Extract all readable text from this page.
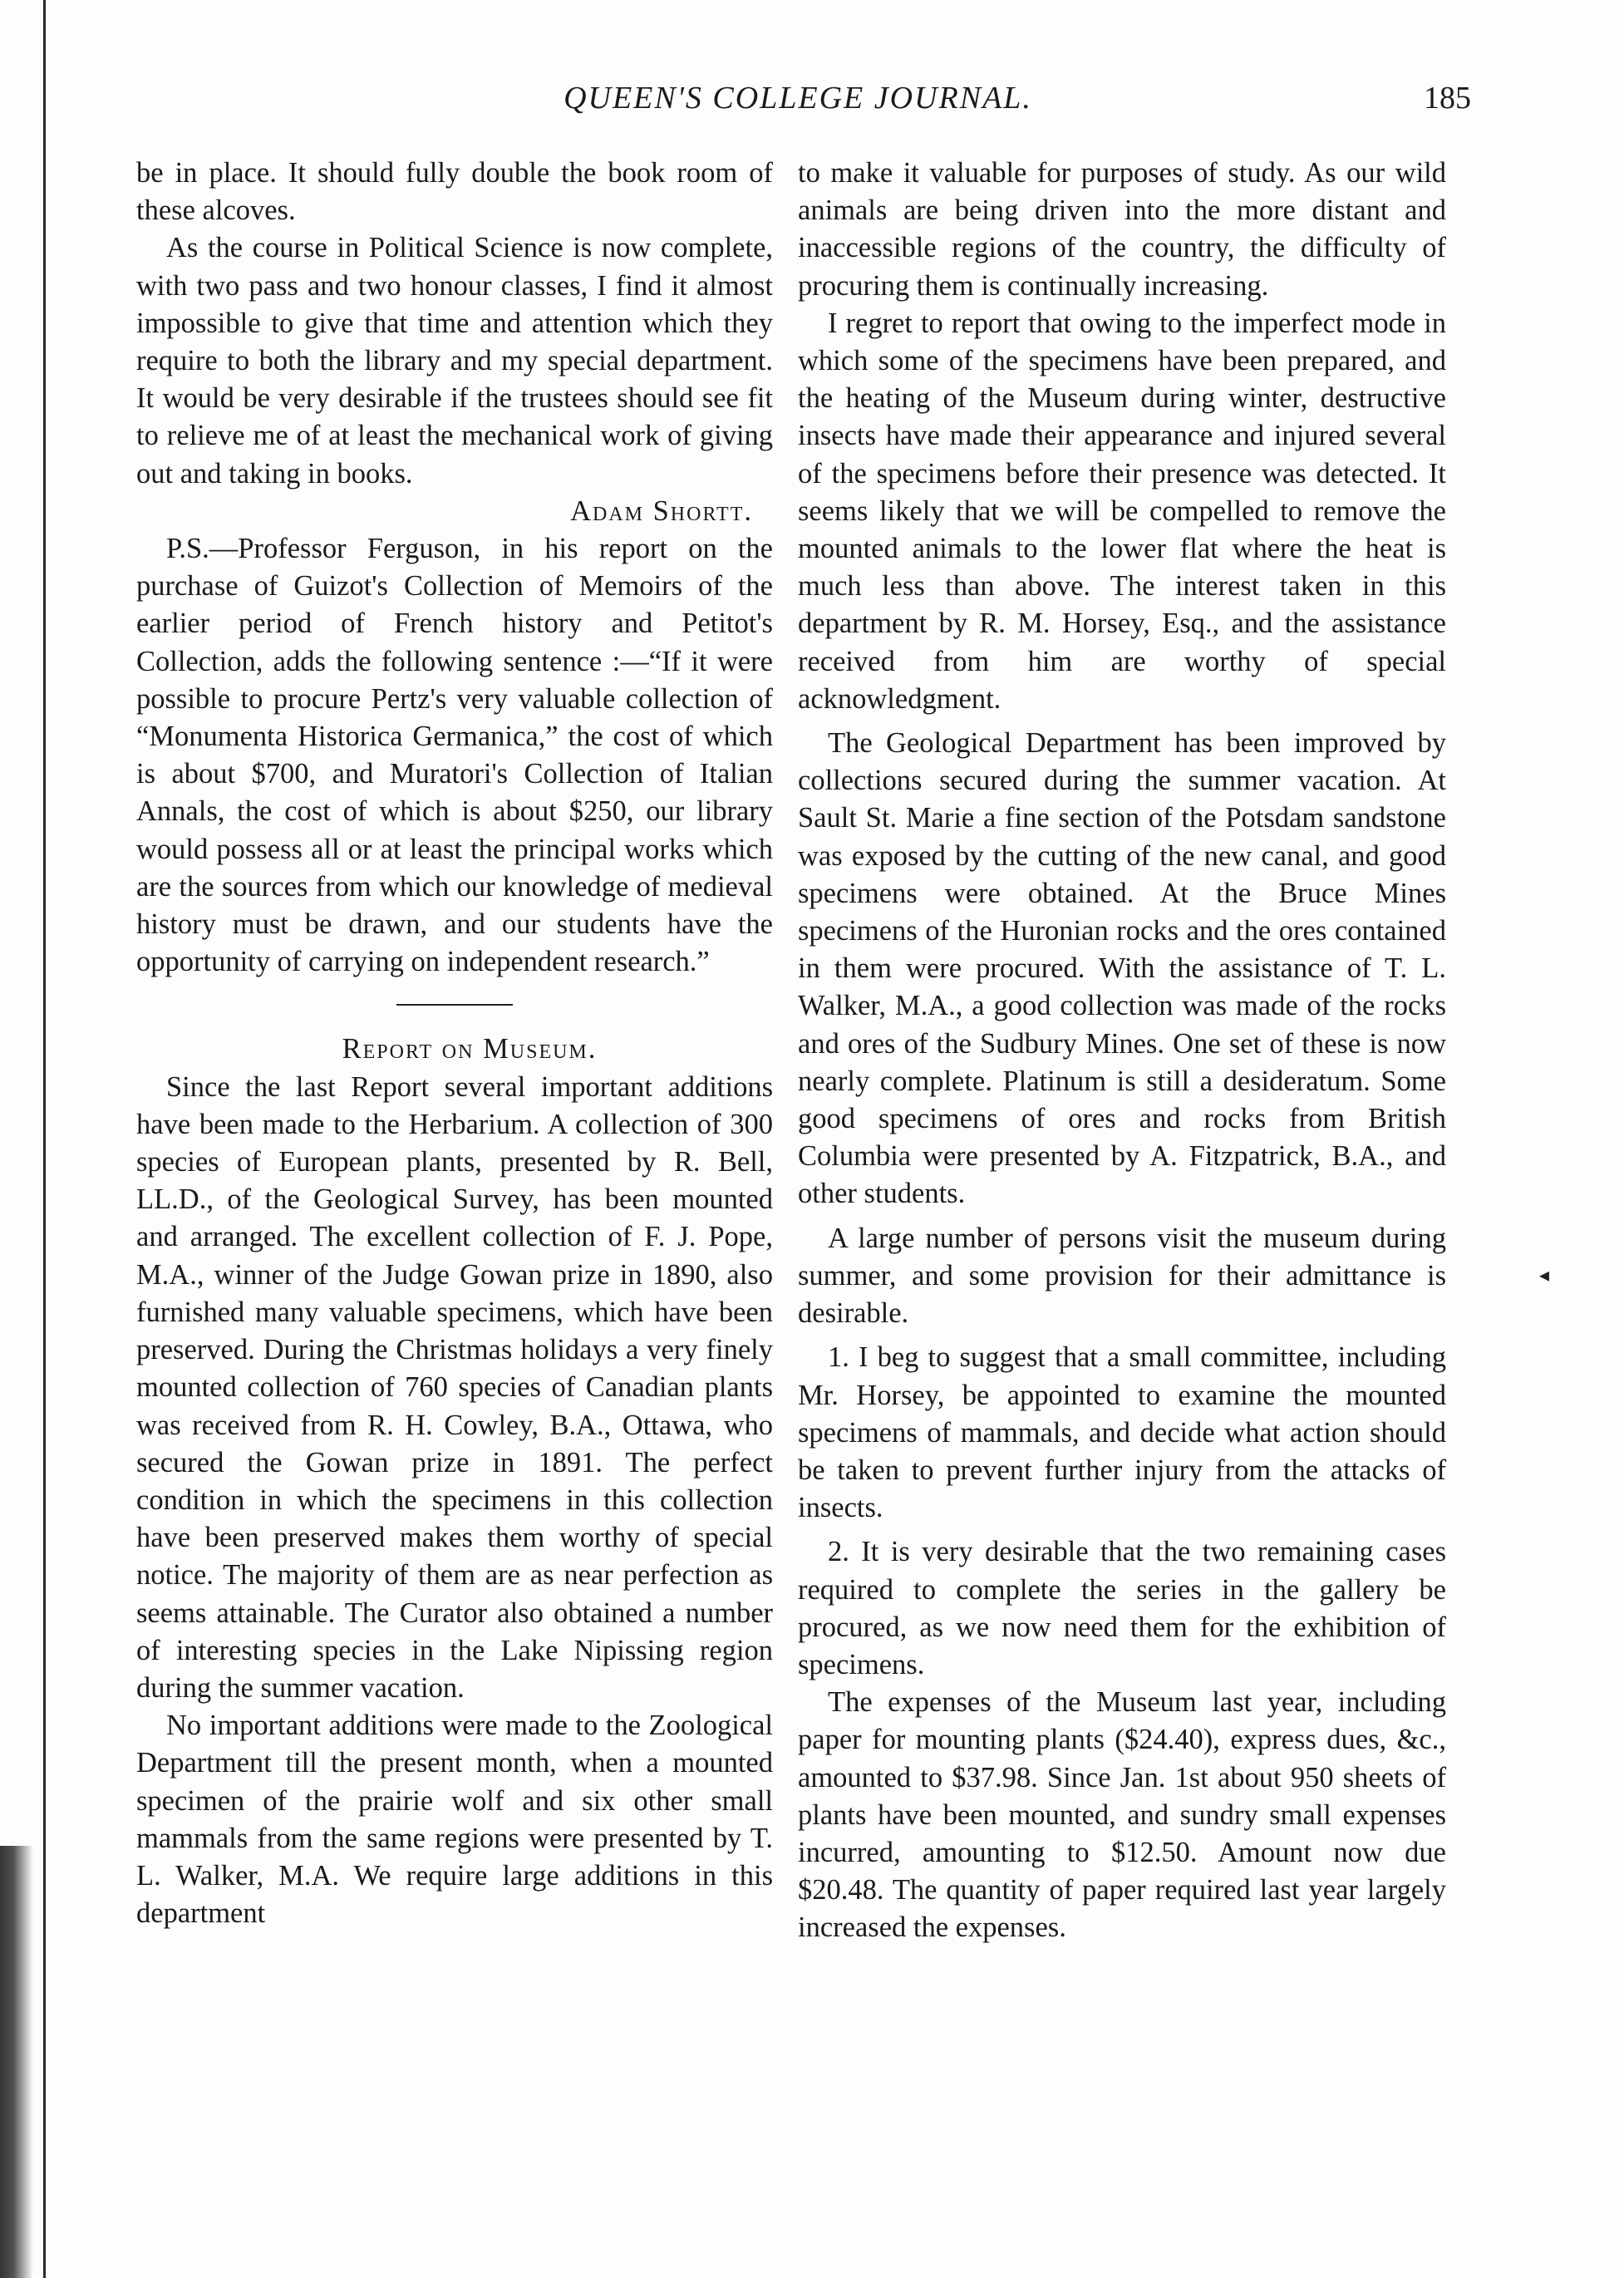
QUEEN'S COLLEGE JOURNAL.	185

be in place. It should fully double the book room of these alcoves.

As the course in Political Science is now complete, with two pass and two honour classes, I find it almost impossible to give that time and attention which they require to both the library and my special department. It would be very desirable if the trustees should see fit to relieve me of at least the mechanical work of giving out and taking in books.

Adam Shortt.

P.S.—Professor Ferguson, in his report on the purchase of Guizot's Collection of Memoirs of the earlier period of French history and Petitot's Collection, adds the following sentence :—“If it were possible to procure Pertz's very valuable collection of “Monumenta Historica Germanica,” the cost of which is about $700, and Muratori's Collection of Italian Annals, the cost of which is about $250, our library would possess all or at least the principal works which are the sources from which our knowledge of medieval history must be drawn, and our students have the opportunity of carrying on independent research.”

Report on Museum.

Since the last Report several important additions have been made to the Herbarium. A collection of 300 species of European plants, presented by R. Bell, LL.D., of the Geological Survey, has been mounted and arranged. The excellent collection of F. J. Pope, M.A., winner of the Judge Gowan prize in 1890, also furnished many valuable specimens, which have been preserved. During the Christmas holidays a very finely mounted collection of 760 species of Canadian plants was received from R. H. Cowley, B.A., Ottawa, who secured the Gowan prize in 1891. The perfect condition in which the specimens in this collection have been preserved makes them worthy of special notice. The majority of them are as near perfection as seems attainable. The Curator also obtained a number of interesting species in the Lake Nipissing region during the summer vacation.

No important additions were made to the Zoological Department till the present month, when a mounted specimen of the prairie wolf and six other small mammals from the same regions were presented by T. L. Walker, M.A. We require large additions in this department

to make it valuable for purposes of study. As our wild animals are being driven into the more distant and inaccessible regions of the country, the difficulty of procuring them is continually increasing.

I regret to report that owing to the imperfect mode in which some of the specimens have been prepared, and the heating of the Museum during winter, destructive insects have made their appearance and injured several of the specimens before their presence was detected. It seems likely that we will be compelled to remove the mounted animals to the lower flat where the heat is much less than above. The interest taken in this department by R. M. Horsey, Esq., and the assistance received from him are worthy of special acknowledgment.

The Geological Department has been improved by collections secured during the summer vacation. At Sault St. Marie a fine section of the Potsdam sandstone was exposed by the cutting of the new canal, and good specimens were obtained. At the Bruce Mines specimens of the Huronian rocks and the ores contained in them were procured. With the assistance of T. L. Walker, M.A., a good collection was made of the rocks and ores of the Sudbury Mines. One set of these is now nearly complete. Platinum is still a desideratum. Some good specimens of ores and rocks from British Columbia were presented by A. Fitzpatrick, B.A., and other students.

A large number of persons visit the museum during summer, and some provision for their admittance is desirable.

1. I beg to suggest that a small committee, including Mr. Horsey, be appointed to examine the mounted specimens of mammals, and decide what action should be taken to prevent further injury from the attacks of insects.

2. It is very desirable that the two remaining cases required to complete the series in the gallery be procured, as we now need them for the exhibition of specimens.

The expenses of the Museum last year, including paper for mounting plants ($24.40), express dues, &c., amounted to $37.98. Since Jan. 1st about 950 sheets of plants have been mounted, and sundry small expenses incurred, amounting to $12.50. Amount now due $20.48. The quantity of paper required last year largely increased the expenses.

◂
